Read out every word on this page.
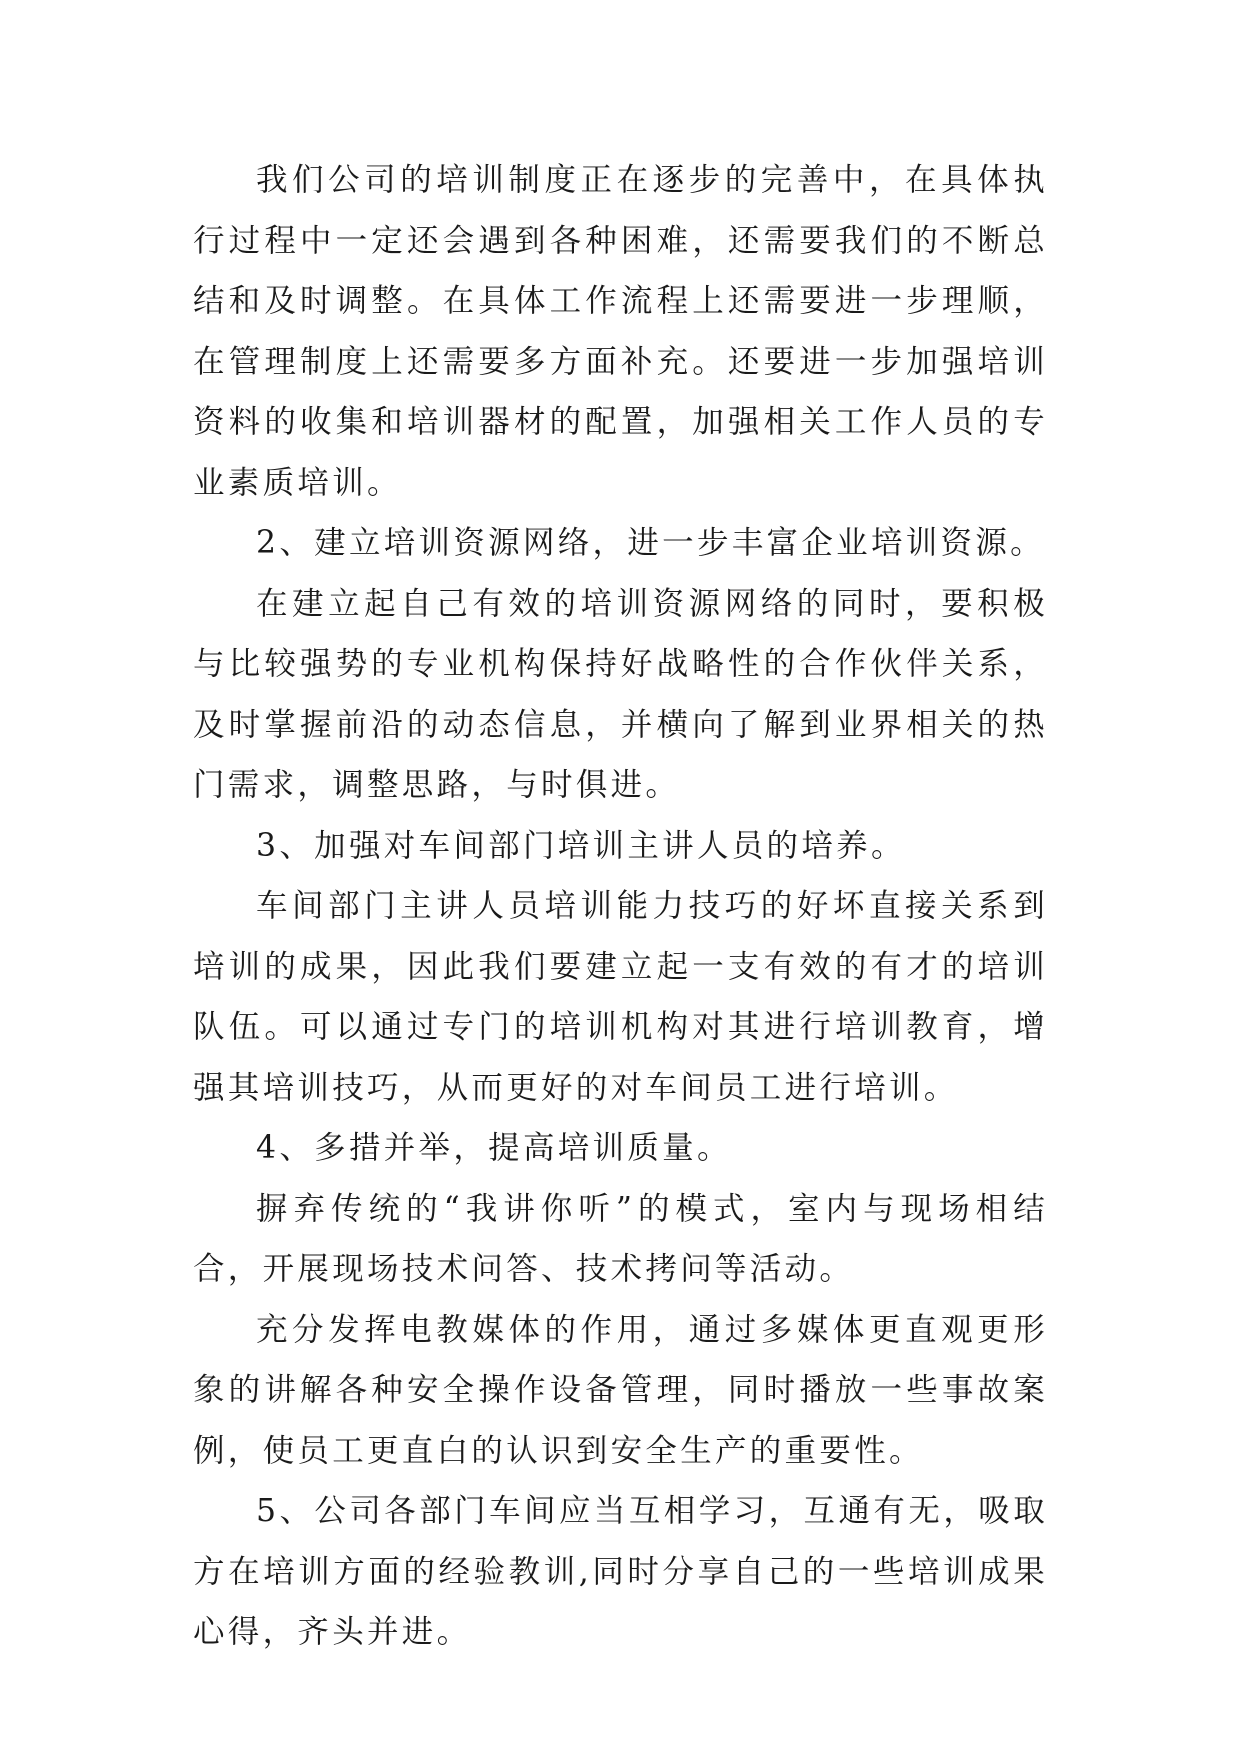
我们公司的培训制度正在逐步的完善中，在具体执行过程中一定还会遇到各种困难，还需要我们的不断总结和及时调整。在具体工作流程上还需要进一步理顺，在管理制度上还需要多方面补充。还要进一步加强培训资料的收集和培训器材的配置，加强相关工作人员的专业素质培训。

2、建立培训资源网络，进一步丰富企业培训资源。

在建立起自己有效的培训资源网络的同时，要积极与比较强势的专业机构保持好战略性的合作伙伴关系，及时掌握前沿的动态信息，并横向了解到业界相关的热门需求，调整思路，与时俱进。

3、加强对车间部门培训主讲人员的培养。

车间部门主讲人员培训能力技巧的好坏直接关系到培训的成果，因此我们要建立起一支有效的有才的培训队伍。可以通过专门的培训机构对其进行培训教育，增强其培训技巧，从而更好的对车间员工进行培训。

4、多措并举，提高培训质量。

摒弃传统的“我讲你听”的模式，室内与现场相结合，开展现场技术问答、技术拷问等活动。

充分发挥电教媒体的作用，通过多媒体更直观更形象的讲解各种安全操作设备管理，同时播放一些事故案例，使员工更直白的认识到安全生产的重要性。

5、公司各部门车间应当互相学习，互通有无，吸取方在培训方面的经验教训,同时分享自己的一些培训成果心得，齐头并进。
